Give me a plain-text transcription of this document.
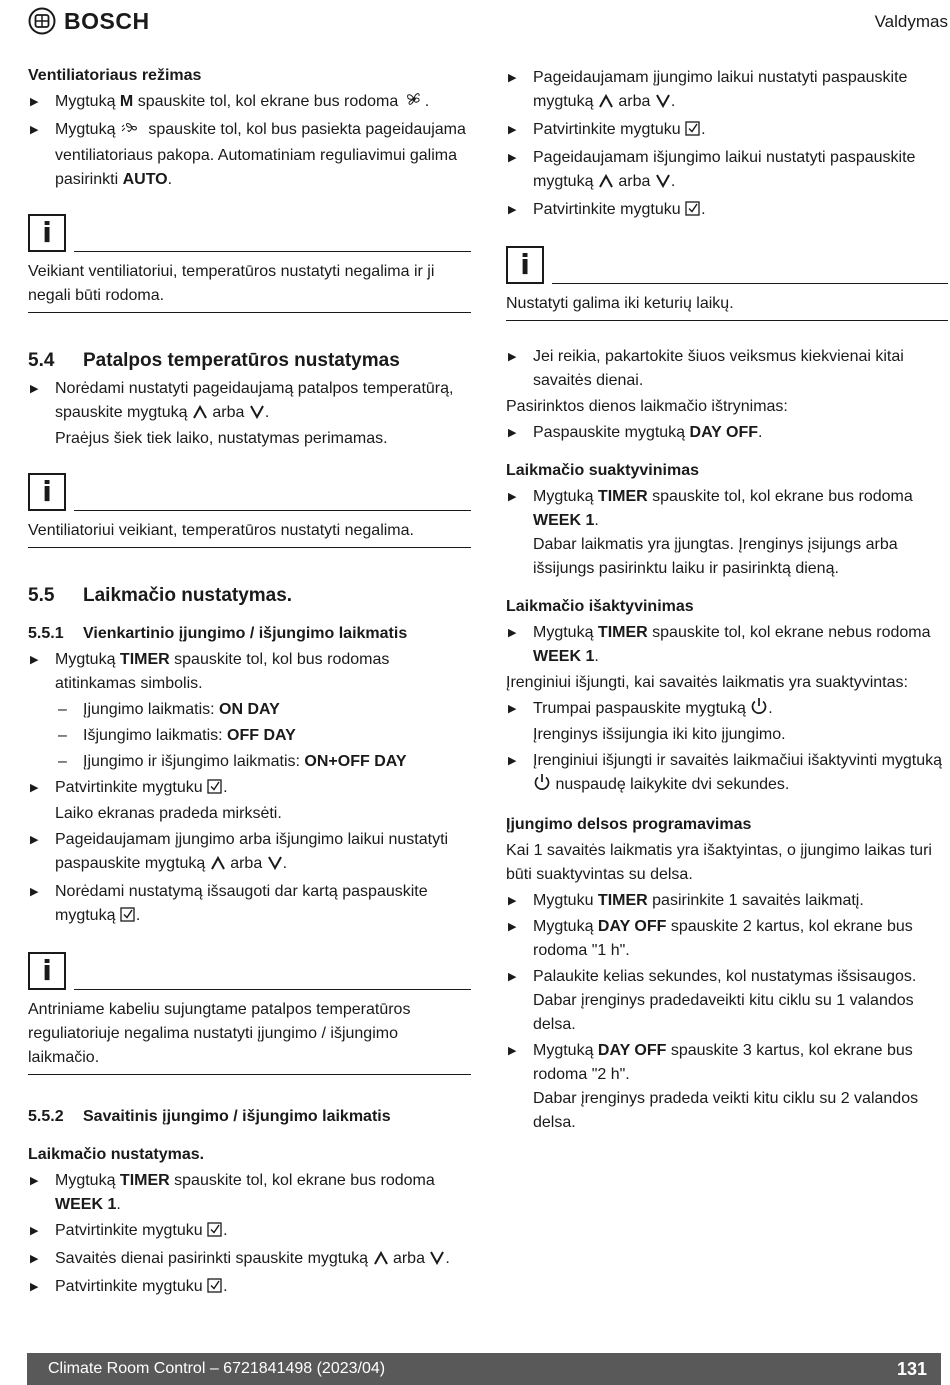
BOSCH	Valdymas

Ventiliatoriaus režimas

▶ Mygtuką M spauskite tol, kol ekrane bus rodoma .
▶ Mygtuką  spauskite tol, kol bus pasiekta pageidaujama ventiliatoriaus pakopa. Automatiniam reguliavimui galima pasirinkti AUTO.
i

Veikiant ventiliatoriui, temperatūros nustatyti negalima ir ji negali būti rodoma.

5.4	Patalpos temperatūros nustatymas
▶ Norėdami nustatyti pageidaujamą patalpos temperatūrą, spauskite mygtuką  arba .
Praėjus šiek tiek laiko, nustatymas perimamas.
i

Ventiliatoriui veikiant, temperatūros nustatyti negalima.

5.5	Laikmačio nustatymas.
5.5.1	Vienkartinio įjungimo / išjungimo laikmatis
▶ Mygtuką TIMER spauskite tol, kol bus rodomas atitinkamas simbolis.
– Įjungimo laikmatis: ON DAY
– Išjungimo laikmatis: OFF DAY
– Įjungimo ir išjungimo laikmatis: ON+OFF DAY
▶ Patvirtinkite mygtuku .
Laiko ekranas pradeda mirksėti.
▶ Pageidaujamam įjungimo arba išjungimo laikui nustatyti paspauskite mygtuką  arba .
▶ Norėdami nustatymą išsaugoti dar kartą paspauskite mygtuką .
i

Antriniame kabeliu sujungtame patalpos temperatūros reguliatoriuje negalima nustatyti įjungimo / išjungimo laikmačio.

5.5.2	Savaitinis įjungimo / išjungimo laikmatis

Laikmačio nustatymas.

▶ Mygtuką TIMER spauskite tol, kol ekrane bus rodoma WEEK 1.
▶ Patvirtinkite mygtuku .
▶ Savaitės dienai pasirinkti spauskite mygtuką  arba .
▶ Patvirtinkite mygtuku .
▶ Pageidaujamam įjungimo laikui nustatyti paspauskite mygtuką  arba .
▶ Patvirtinkite mygtuku .
▶ Pageidaujamam išjungimo laikui nustatyti paspauskite mygtuką  arba .
▶ Patvirtinkite mygtuku .
i

Nustatyti galima iki keturių laikų.

▶ Jei reikia, pakartokite šiuos veiksmus kiekvienai kitai savaitės dienai.

Pasirinktos dienos laikmačio ištrynimas:

▶ Paspauskite mygtuką DAY OFF.

Laikmačio suaktyvinimas

▶ Mygtuką TIMER spauskite tol, kol ekrane bus rodoma WEEK 1.
Dabar laikmatis yra įjungtas. Įrenginys įsijungs arba išsijungs pasirinktu laiku ir pasirinktą dieną.

Laikmačio išaktyvinimas

▶ Mygtuką TIMER spauskite tol, kol ekrane nebus rodoma WEEK 1.

Įrenginiui išjungti, kai savaitės laikmatis yra suaktyvintas:

▶ Trumpai paspauskite mygtuką .
Įrenginys išsijungia iki kito įjungimo.
▶ Įrenginiui išjungti ir savaitės laikmačiui išaktyvinti mygtuką  nuspaudę laikykite dvi sekundes.

Įjungimo delsos programavimas

Kai 1 savaitės laikmatis yra išaktyintas, o įjungimo laikas turi būti suaktyvintas su delsa.

▶ Mygtuku TIMER pasirinkite 1 savaitės laikmatį.
▶ Mygtuką DAY OFF spauskite 2 kartus, kol ekrane bus rodoma "1 h".
▶ Palaukite kelias sekundes, kol nustatymas išsisaugos.
Dabar įrenginys pradedaveikti kitu ciklu su 1 valandos delsa.
▶ Mygtuką DAY OFF spauskite 3 kartus, kol ekrane bus rodoma "2 h".
Dabar įrenginys pradeda veikti kitu ciklu su 2 valandos delsa.
Climate Room Control – 6721841498 (2023/04)	131
